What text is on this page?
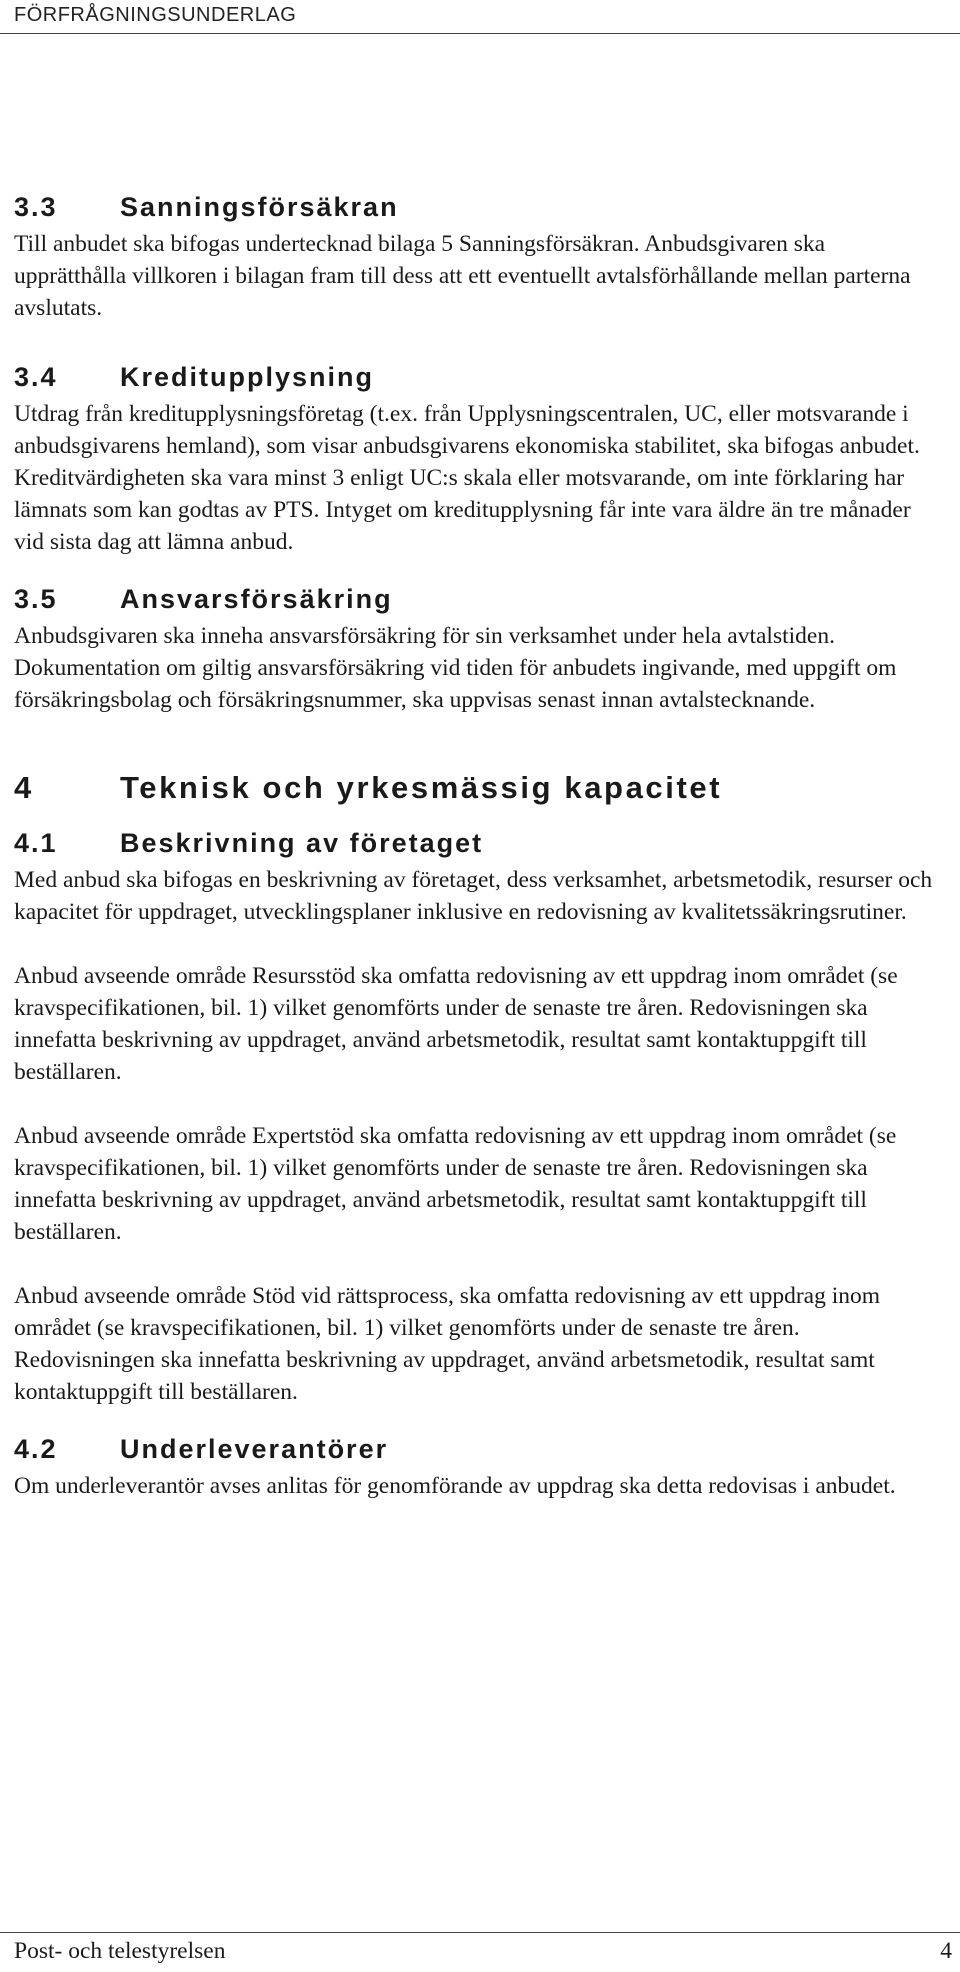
FÖRFRÅGNINGSUNDERLAG
3.3 Sanningsförsäkran

Till anbudet ska bifogas undertecknad bilaga 5 Sanningsförsäkran. Anbudsgivaren ska upprätthålla villkoren i bilagan fram till dess att ett eventuellt avtalsförhållande mellan parterna avslutats.

3.4 Kreditupplysning

Utdrag från kreditupplysningsföretag (t.ex. från Upplysningscentralen, UC, eller motsvarande i anbudsgivarens hemland), som visar anbudsgivarens ekonomiska stabilitet, ska bifogas anbudet. Kreditvärdigheten ska vara minst 3 enligt UC:s skala eller motsvarande, om inte förklaring har lämnats som kan godtas av PTS. Intyget om kreditupplysning får inte vara äldre än tre månader vid sista dag att lämna anbud.

3.5 Ansvarsförsäkring

Anbudsgivaren ska inneha ansvarsförsäkring för sin verksamhet under hela avtalstiden. Dokumentation om giltig ansvarsförsäkring vid tiden för anbudets ingivande, med uppgift om försäkringsbolag och försäkringsnummer, ska uppvisas senast innan avtalstecknande.

4	Teknisk och yrkesmässig kapacitet
4.1 Beskrivning av företaget

Med anbud ska bifogas en beskrivning av företaget, dess verksamhet, arbetsmetodik, resurser och kapacitet för uppdraget, utvecklingsplaner inklusive en redovisning av kvalitetssäkringsrutiner.

Anbud avseende område Resursstöd ska omfatta redovisning av ett uppdrag inom området (se kravspecifikationen, bil. 1) vilket genomförts under de senaste tre åren. Redovisningen ska innefatta beskrivning av uppdraget, använd arbetsmetodik, resultat samt kontaktuppgift till beställaren.

Anbud avseende område Expertstöd ska omfatta redovisning av ett uppdrag inom området (se kravspecifikationen, bil. 1) vilket genomförts under de senaste tre åren. Redovisningen ska innefatta beskrivning av uppdraget, använd arbetsmetodik, resultat samt kontaktuppgift till beställaren.

Anbud avseende område Stöd vid rättsprocess, ska omfatta redovisning av ett uppdrag inom området (se kravspecifikationen, bil. 1) vilket genomförts under de senaste tre åren. Redovisningen ska innefatta beskrivning av uppdraget, använd arbetsmetodik, resultat samt kontaktuppgift till beställaren.

4.2 Underleverantörer

Om underleverantör avses anlitas för genomförande av uppdrag ska detta redovisas i anbudet.

Post- och telestyrelsen	4
